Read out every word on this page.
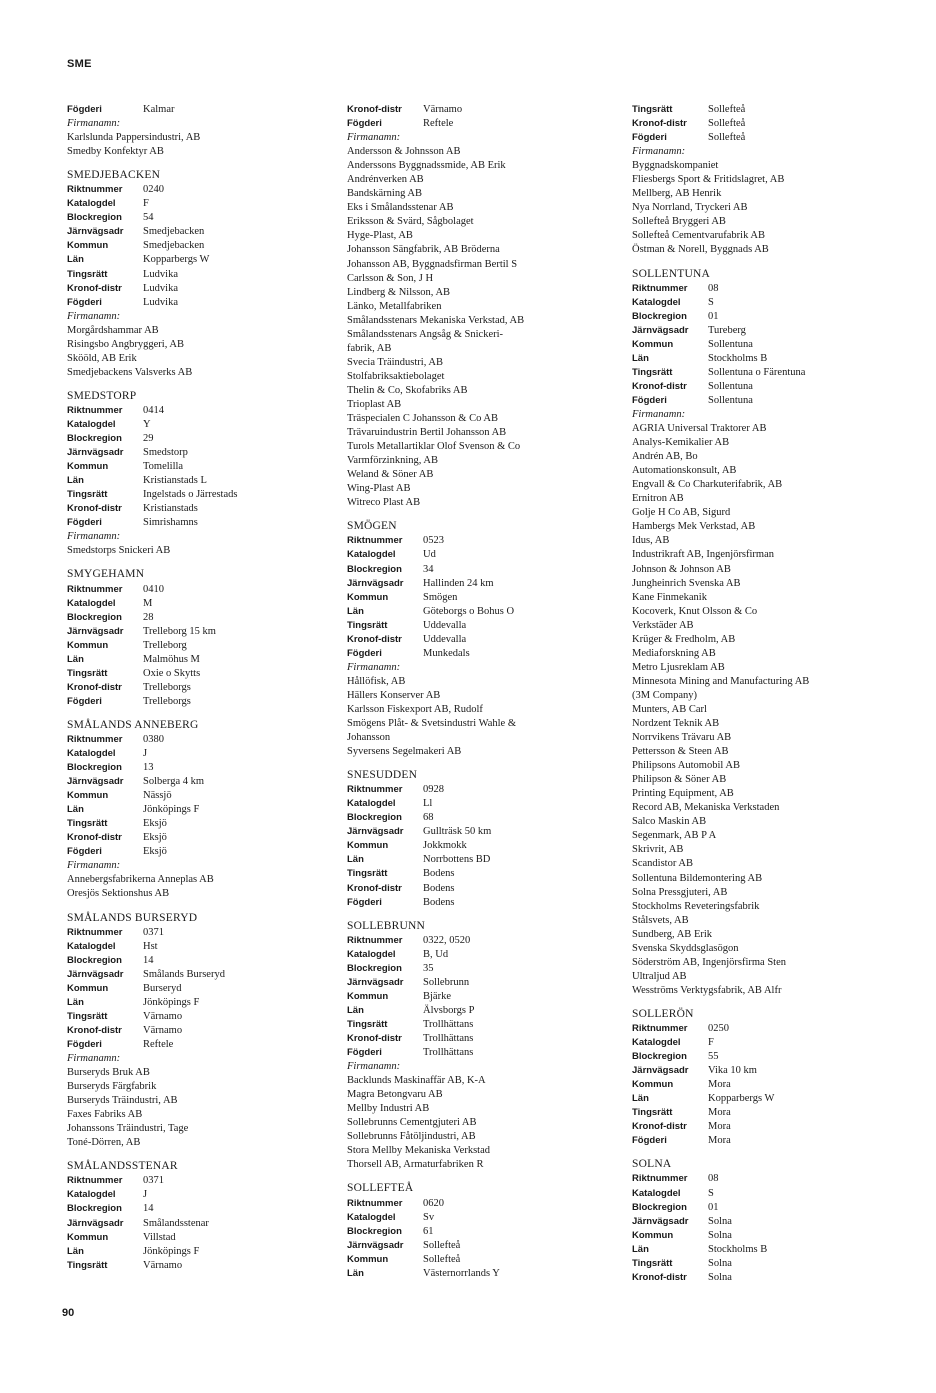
SME
Fögderi	Kalmar
Firmanamn:
Karlslunda Pappersindustri, AB
Smedby Konfektyr AB
SMEDJEBACKEN
Riktnummer	0240
Katalogdel	F
Blockregion	54
Järnvägsadr	Smedjebacken
Kommun	Smedjebacken
Län	Kopparbergs W
Tingsrätt	Ludvika
Kronof-distr	Ludvika
Fögderi	Ludvika
Firmanamn:
Morgårdshammar AB
Risingsbo Angbryggeri, AB
Skööld, AB Erik
Smedjebackens Valsverks AB
SMEDSTORP
Riktnummer	0414
Katalogdel	Y
Blockregion	29
Järnvägsadr	Smedstorp
Kommun	Tomelilla
Län	Kristianstads L
Tingsrätt	Ingelstads o Järrestads
Kronof-distr	Kristianstads
Fögderi	Simrishamns
Firmanamn:
Smedstorps Snickeri AB
SMYGEHAMN
Riktnummer	0410
Katalogdel	M
Blockregion	28
Järnvägsadr	Trelleborg 15 km
Kommun	Trelleborg
Län	Malmöhus M
Tingsrätt	Oxie o Skytts
Kronof-distr	Trelleborgs
Fögderi	Trelleborgs
SMÅLANDS ANNEBERG
Riktnummer	0380
Katalogdel	J
Blockregion	13
Järnvägsadr	Solberga 4 km
Kommun	Nässjö
Län	Jönköpings F
Tingsrätt	Eksjö
Kronof-distr	Eksjö
Fögderi	Eksjö
Firmanamn:
Annebergsfabrikerna Anneplas AB
Oresjös Sektionshus AB
SMÅLANDS BURSERYD
Riktnummer	0371
Katalogdel	Hst
Blockregion	14
Järnvägsadr	Smålands Burseryd
Kommun	Burseryd
Län	Jönköpings F
Tingsrätt	Värnamo
Kronof-distr	Värnamo
Fögderi	Reftele
Firmanamn:
Burseryds Bruk AB
Burseryds Färgfabrik
Burseryds Träindustri, AB
Faxes Fabriks AB
Johanssons Träindustri, Tage
Toné-Dörren, AB
SMÅLANDSSTENAR
Riktnummer	0371
Katalogdel	J
Blockregion	14
Järnvägsadr	Smålandsstenar
Kommun	Villstad
Län	Jönköpings F
Tingsrätt	Värnamo
Kronof-distr	Värnamo
Fögderi	Reftele
Firmanamn:
Andersson & Johnsson AB
Anderssons Byggnadssmide, AB Erik
Andrénverken AB
Bandskärning AB
Eks i Smålandsstenar AB
Eriksson & Svärd, Sågbolaget
Hyge-Plast, AB
Johansson Sängfabrik, AB Bröderna
Johansson AB, Byggnadsfirman Bertil S
Carlsson & Son, J H
Lindberg & Nilsson, AB
Länko, Metallfabriken
Smålandsstenars Mekaniska Verkstad, AB
Smålandsstenars Angsåg & Snickeri-
fabrik, AB
Svecia Träindustri, AB
Stolfabriksaktiebolaget
Thelin & Co, Skofabriks AB
Trioplast AB
Träspecialen C Johansson & Co AB
Trävaruindustrin Bertil Johansson AB
Turols Metallartiklar Olof Svenson & Co
Varmförzinkning, AB
Weland & Söner AB
Wing-Plast AB
Witreco Plast AB
SMÖGEN
Riktnummer	0523
Katalogdel	Ud
Blockregion	34
Järnvägsadr	Hallinden 24 km
Kommun	Smögen
Län	Göteborgs o Bohus O
Tingsrätt	Uddevalla
Kronof-distr	Uddevalla
Fögderi	Munkedals
Firmanamn:
Hållöfisk, AB
Hällers Konserver AB
Karlsson Fiskexport AB, Rudolf
Smögens Plåt- & Svetsindustri Wahle &
Johansson
Syversens Segelmakeri AB
SNESUDDEN
Riktnummer	0928
Katalogdel	Ll
Blockregion	68
Järnvägsadr	Gullträsk 50 km
Kommun	Jokkmokk
Län	Norrbottens BD
Tingsrätt	Bodens
Kronof-distr	Bodens
Fögderi	Bodens
SOLLEBRUNN
Riktnummer	0322, 0520
Katalogdel	B, Ud
Blockregion	35
Järnvägsadr	Sollebrunn
Kommun	Bjärke
Län	Älvsborgs P
Tingsrätt	Trollhättans
Kronof-distr	Trollhättans
Fögderi	Trollhättans
Firmanamn:
Backlunds Maskinaffär AB, K-A
Magra Betongvaru AB
Mellby Industri AB
Sollebrunns Cementgjuteri AB
Sollebrunns Fåtöljindustri, AB
Stora Mellby Mekaniska Verkstad
Thorsell AB, Armaturfabriken R
SOLLEFTEÅ
Riktnummer	0620
Katalogdel	Sv
Blockregion	61
Järnvägsadr	Sollefteå
Kommun	Sollefteå
Län	Västernorrlands Y
Tingsrätt	Sollefteå
Kronof-distr	Sollefteå
Fögderi	Sollefteå
Firmanamn:
Byggnadskompaniet
Fliesbergs Sport & Fritidslagret, AB
Mellberg, AB Henrik
Nya Norrland, Tryckeri AB
Sollefteå Bryggeri AB
Sollefteå Cementvarufabrik AB
Östman & Norell, Byggnads AB
SOLLENTUNA
Riktnummer	08
Katalogdel	S
Blockregion	01
Järnvägsadr	Tureberg
Kommun	Sollentuna
Län	Stockholms B
Tingsrätt	Sollentuna o Färentuna
Kronof-distr	Sollentuna
Fögderi	Sollentuna
Firmanamn:
AGRIA Universal Traktorer AB
Analys-Kemikalier AB
Andrén AB, Bo
Automationskonsult, AB
Engvall & Co Charkuterifabrik, AB
Ernitron AB
Golje H Co AB, Sigurd
Hambergs Mek Verkstad, AB
Idus, AB
Industrikraft AB, Ingenjörsfirman
Johnson & Johnson AB
Jungheinrich Svenska AB
Kane Finmekanik
Kocoverk, Knut Olsson & Co
Verkstäder AB
Krüger & Fredholm, AB
Mediaforskning AB
Metro Ljusreklam AB
Minnesota Mining and Manufacturing AB
(3M Company)
Munters, AB Carl
Nordzent Teknik AB
Norrvikens Trävaru AB
Pettersson & Steen AB
Philipsons Automobil AB
Philipson & Söner AB
Printing Equipment, AB
Record AB, Mekaniska Verkstaden
Salco Maskin AB
Segenmark, AB P A
Skrivrit, AB
Scandistor AB
Sollentuna Bildemontering AB
Solna Pressgjuteri, AB
Stockholms Reveteringsfabrik
Stålsvets, AB
Sundberg, AB Erik
Svenska Skyddsglasögon
Söderström AB, Ingenjörsfirma Sten
Ultraljud AB
Wesströms Verktygsfabrik, AB Alfr
SOLLERÖN
Riktnummer	0250
Katalogdel	F
Blockregion	55
Järnvägsadr	Vika 10 km
Kommun	Mora
Län	Kopparbergs W
Tingsrätt	Mora
Kronof-distr	Mora
Fögderi	Mora
SOLNA
Riktnummer	08
Katalogdel	S
Blockregion	01
Järnvägsadr	Solna
Kommun	Solna
Län	Stockholms B
Tingsrätt	Solna
Kronof-distr	Solna
90
